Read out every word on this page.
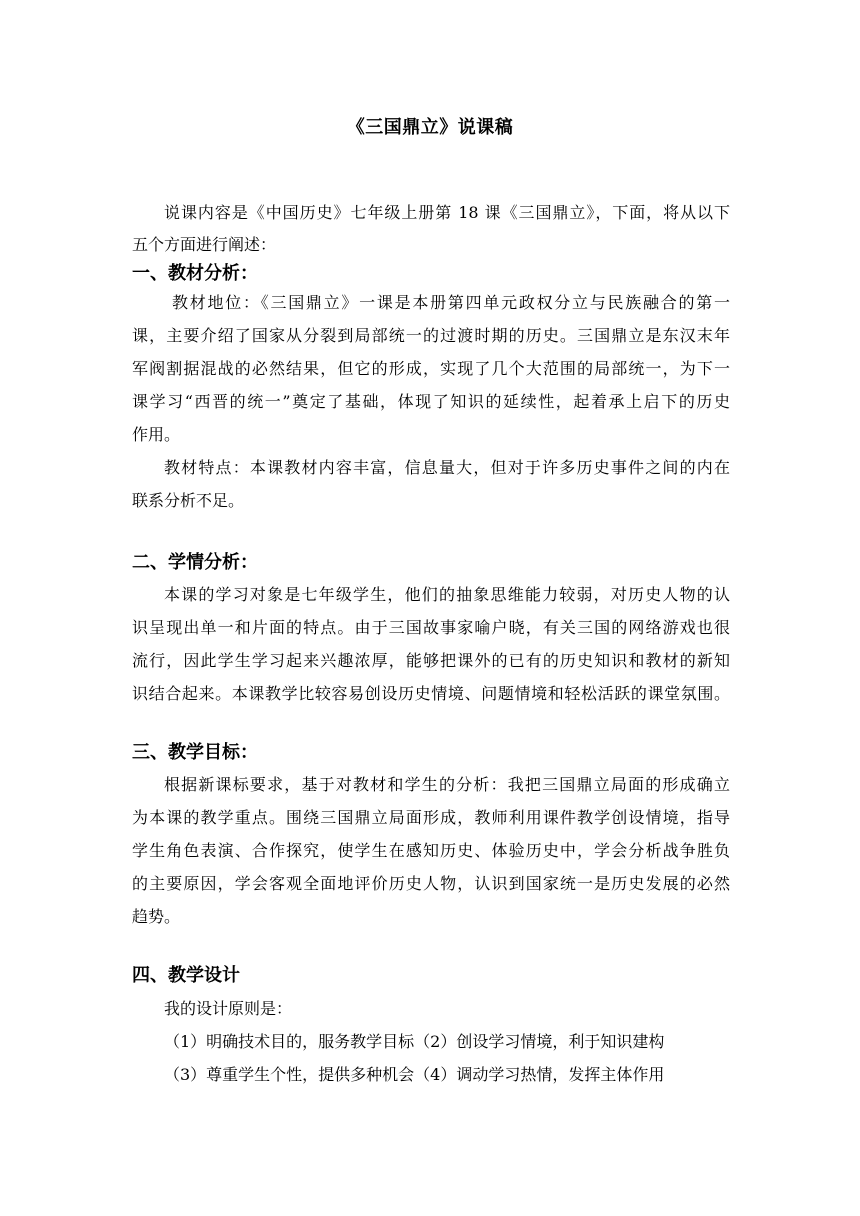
《三国鼎立》说课稿
说课内容是《中国历史》七年级上册第 18 课《三国鼎立》，下面，将从以下
五个方面进行阐述：
一、教材分析：
教材地位：《三国鼎立》一课是本册第四单元政权分立与民族融合的第一
课，主要介绍了国家从分裂到局部统一的过渡时期的历史。三国鼎立是东汉末年
军阀割据混战的必然结果，但它的形成，实现了几个大范围的局部统一，为下一
课学习“西晋的统一”奠定了基础，体现了知识的延续性，起着承上启下的历史
作用。
教材特点：本课教材内容丰富，信息量大，但对于许多历史事件之间的内在
联系分析不足。
二、学情分析：
本课的学习对象是七年级学生，他们的抽象思维能力较弱，对历史人物的认
识呈现出单一和片面的特点。由于三国故事家喻户晓，有关三国的网络游戏也很
流行，因此学生学习起来兴趣浓厚，能够把课外的已有的历史知识和教材的新知
识结合起来。本课教学比较容易创设历史情境、问题情境和轻松活跃的课堂氛围。
三、教学目标：
根据新课标要求，基于对教材和学生的分析：我把三国鼎立局面的形成确立
为本课的教学重点。围绕三国鼎立局面形成，教师利用课件教学创设情境，指导
学生角色表演、合作探究，使学生在感知历史、体验历史中，学会分析战争胜负
的主要原因，学会客观全面地评价历史人物，认识到国家统一是历史发展的必然
趋势。
四、教学设计
我的设计原则是：
（1）明确技术目的，服务教学目标（2）创设学习情境，利于知识建构
（3）尊重学生个性，提供多种机会（4）调动学习热情，发挥主体作用
